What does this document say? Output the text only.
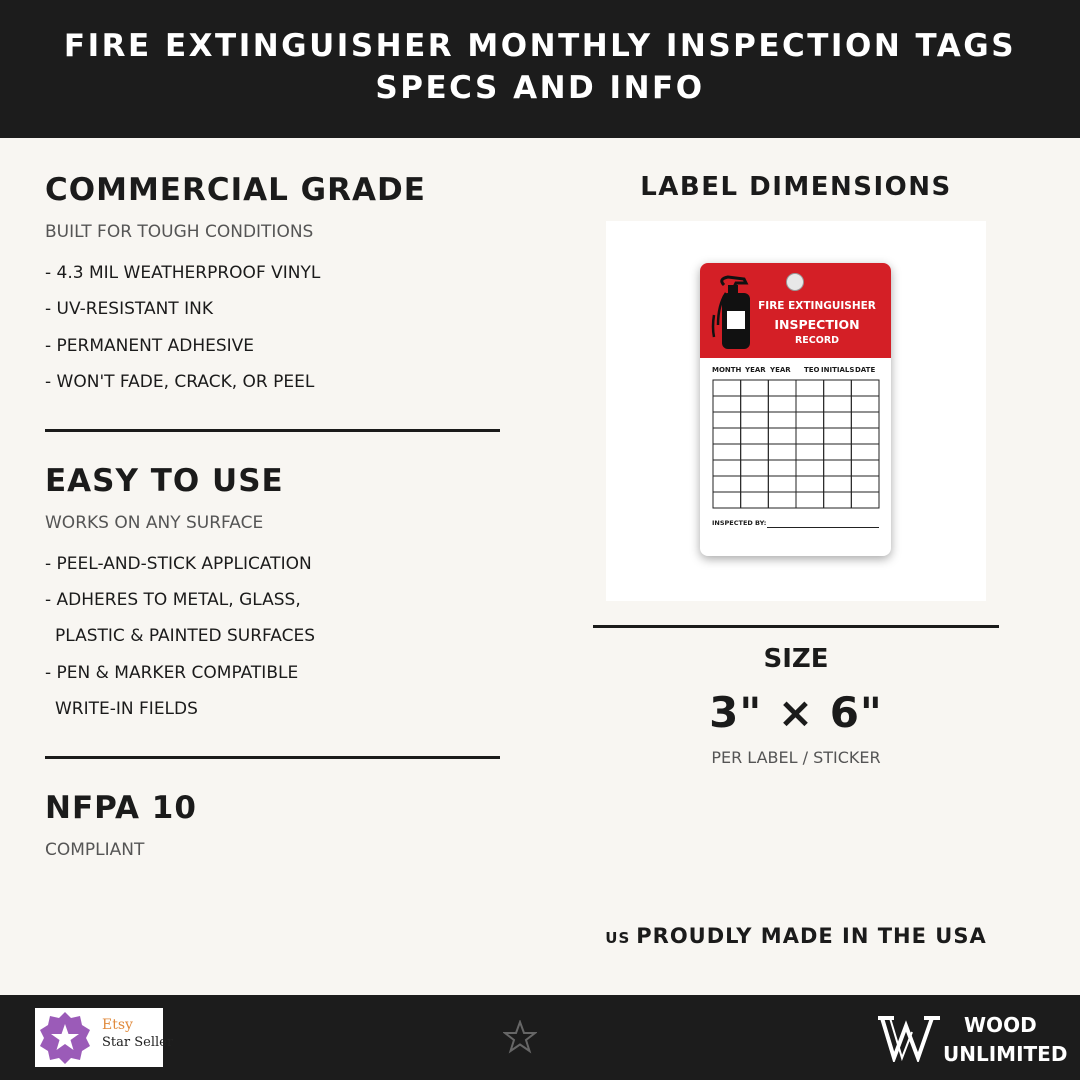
FIRE EXTINGUISHER MONTHLY INSPECTION TAGS
SPECS AND INFO
COMMERCIAL GRADE
BUILT FOR TOUGH CONDITIONS
- 4.3 MIL WEATHERPROOF VINYL
- UV-RESISTANT INK
- PERMANENT ADHESIVE
- WON'T FADE, CRACK, OR PEEL
EASY TO USE
WORKS ON ANY SURFACE
- PEEL-AND-STICK APPLICATION
- ADHERES TO METAL, GLASS,
PLASTIC & PAINTED SURFACES
- PEN & MARKER COMPATIBLE
WRITE-IN FIELDS
NFPA 10
COMPLIANT
LABEL DIMENSIONS
FIRE EXTINGUISHER
INSPECTION
RECORD
MONTH YEAR YEAR TEO INITIALS DATE
INSPECTED BY:
SIZE
3" × 6"
PER LABEL / STICKER
US PROUDLY MADE IN THE USA
Etsy
Star Seller
WOOD
UNLIMITED
